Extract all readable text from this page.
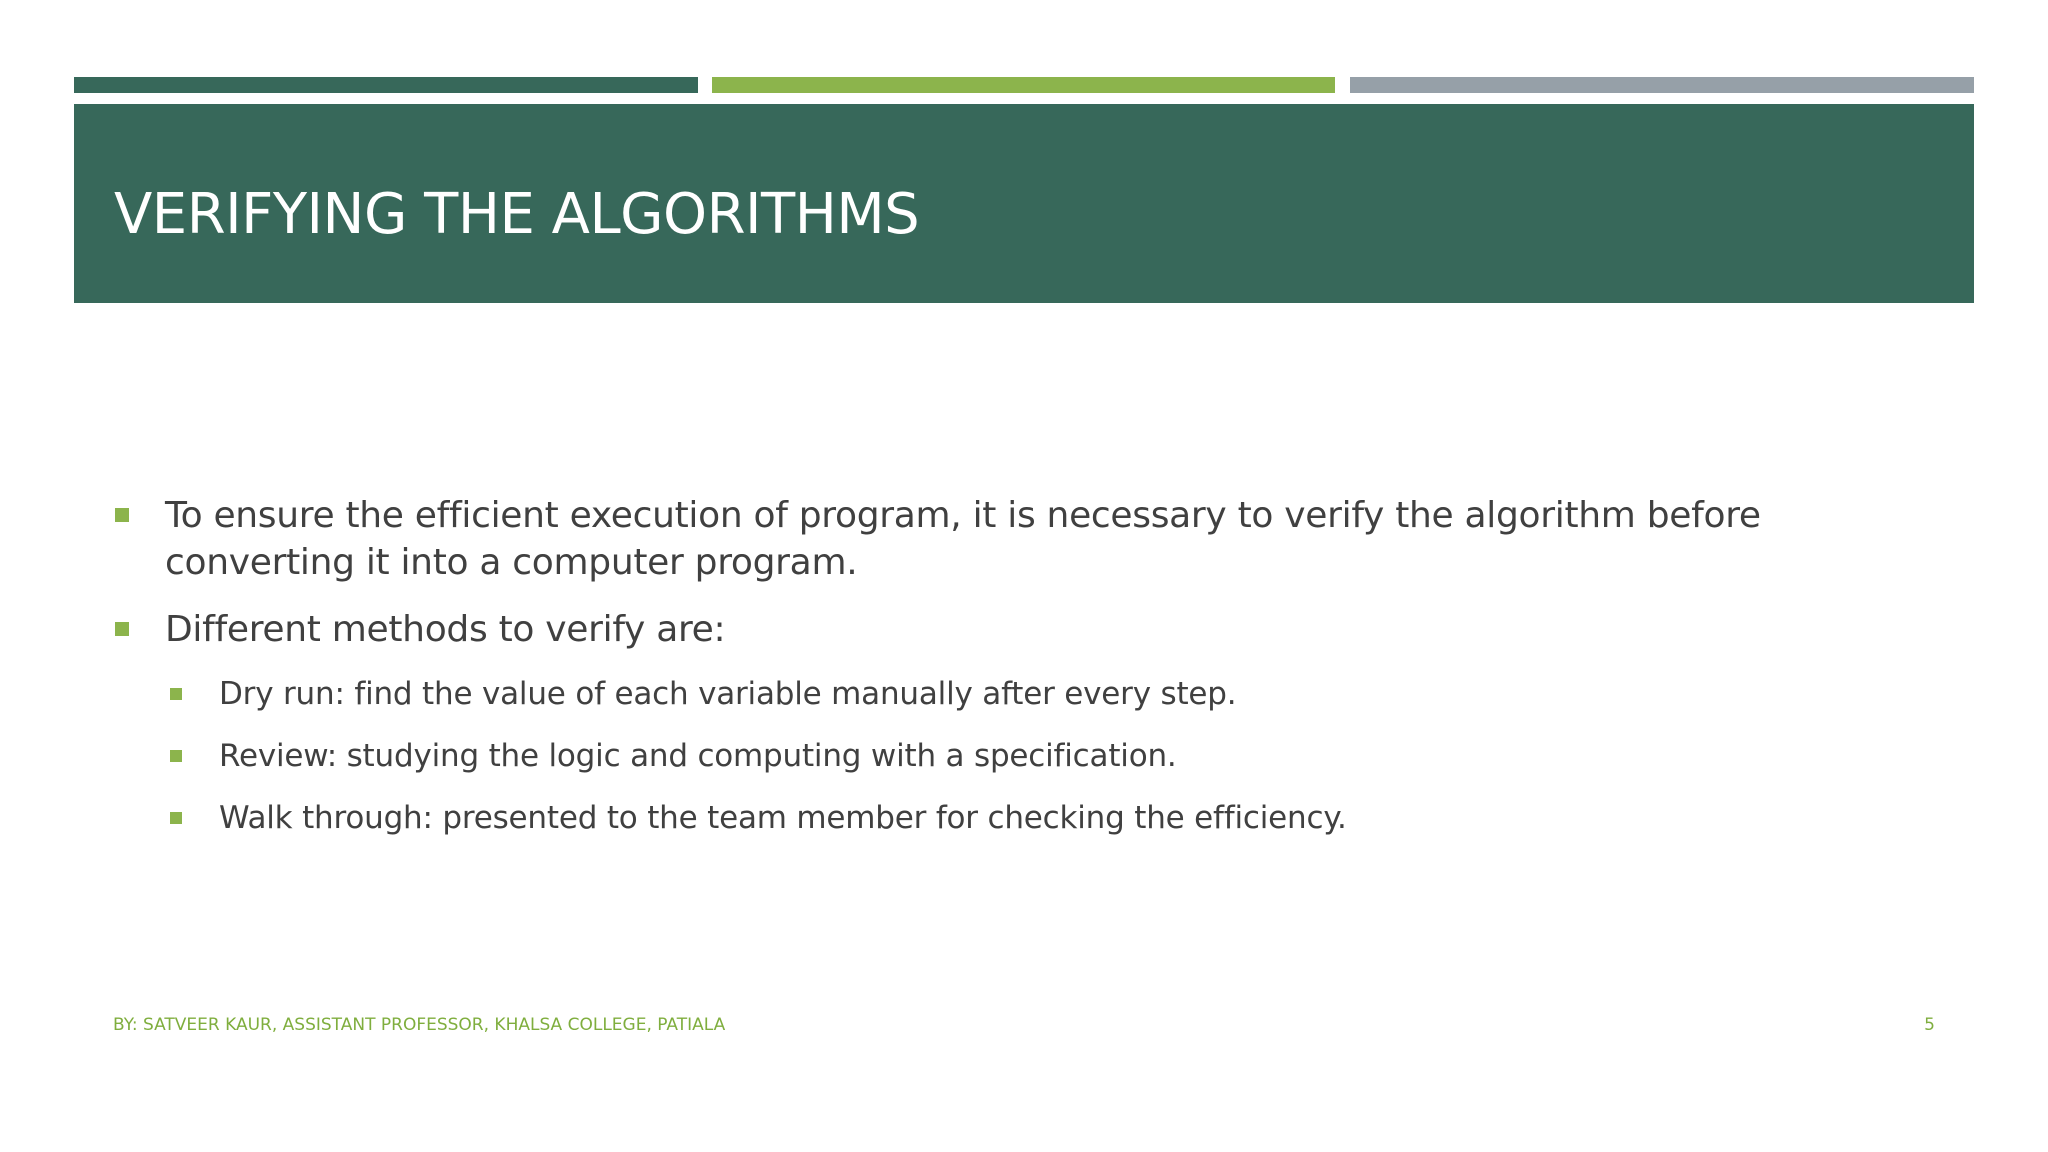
VERIFYING THE ALGORITHMS
To ensure the efficient execution of program, it is necessary to verify the algorithm before converting it into a computer program.
Different methods to verify are:
Dry run: find the value of each variable manually after every step.
Review: studying the logic and computing with a specification.
Walk through: presented to the team member for checking the efficiency.
BY: SATVEER KAUR, ASSISTANT PROFESSOR, KHALSA COLLEGE, PATIALA	5
